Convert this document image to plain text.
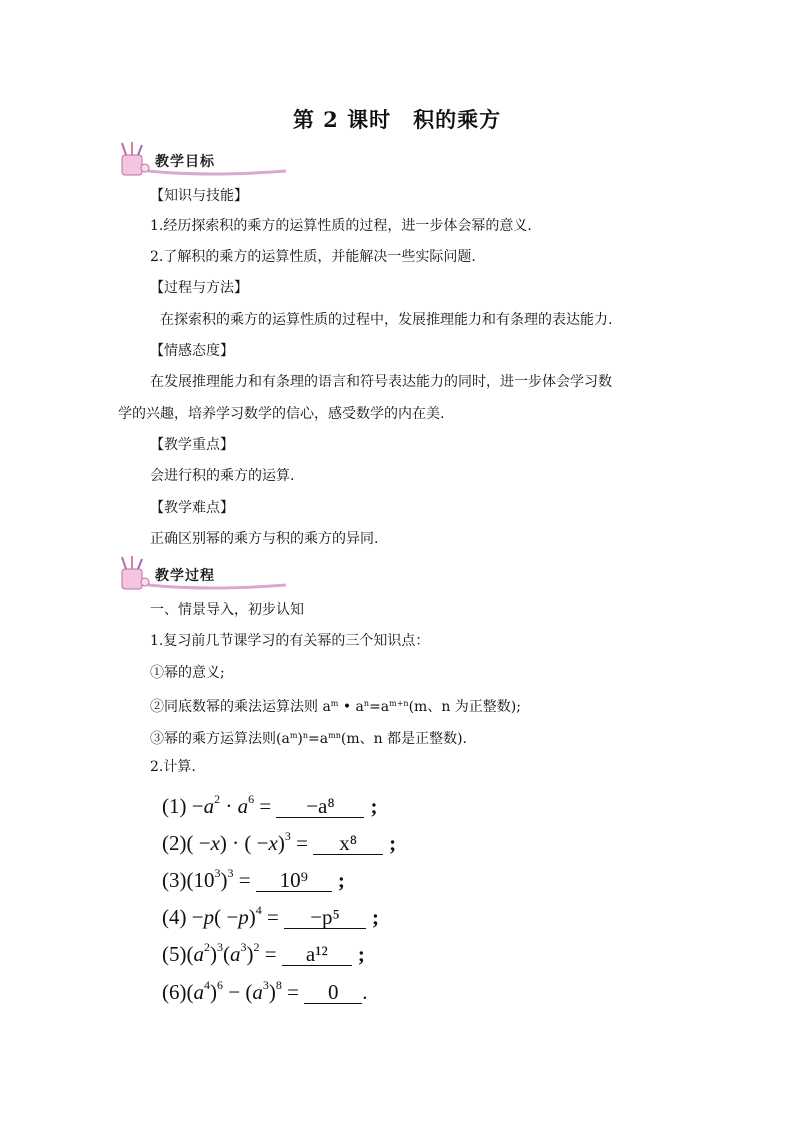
第 2 课时 积的乘方
教学目标
【知识与技能】
1.经历探索积的乘方的运算性质的过程，进一步体会幂的意义.
2.了解积的乘方的运算性质，并能解决一些实际问题.
【过程与方法】
在探索积的乘方的运算性质的过程中，发展推理能力和有条理的表达能力.
【情感态度】
在发展推理能力和有条理的语言和符号表达能力的同时，进一步体会学习数
学的兴趣，培养学习数学的信心，感受数学的内在美.
【教学重点】
会进行积的乘方的运算.
【教学难点】
正确区别幂的乘方与积的乘方的异同.
教学过程
一、情景导入，初步认知
1.复习前几节课学习的有关幂的三个知识点：
①幂的意义;
②同底数幂的乘法运算法则 $a^m$ • $a^n=a^{m+n}(m$、n 为正整数);
③幂的乘方运算法则$(a^m)^n=a^{mn}(m$、n 都是正整数).
2.计算.
$(1) -a^2 \cdot a^6 = -a^8$ ;
(2)( −x) · ( −x)$^3$ = x⁸ ;
$(3)(10^3)^3 = 10^9$ ;
$(4) -p( -p)^4 = -p^5$ ;
$(5)(a^2)^3(a^3)^2 = a^{12}$ ;
$(6)(a^4)^6 - (a^3)^8 = 0$ .
